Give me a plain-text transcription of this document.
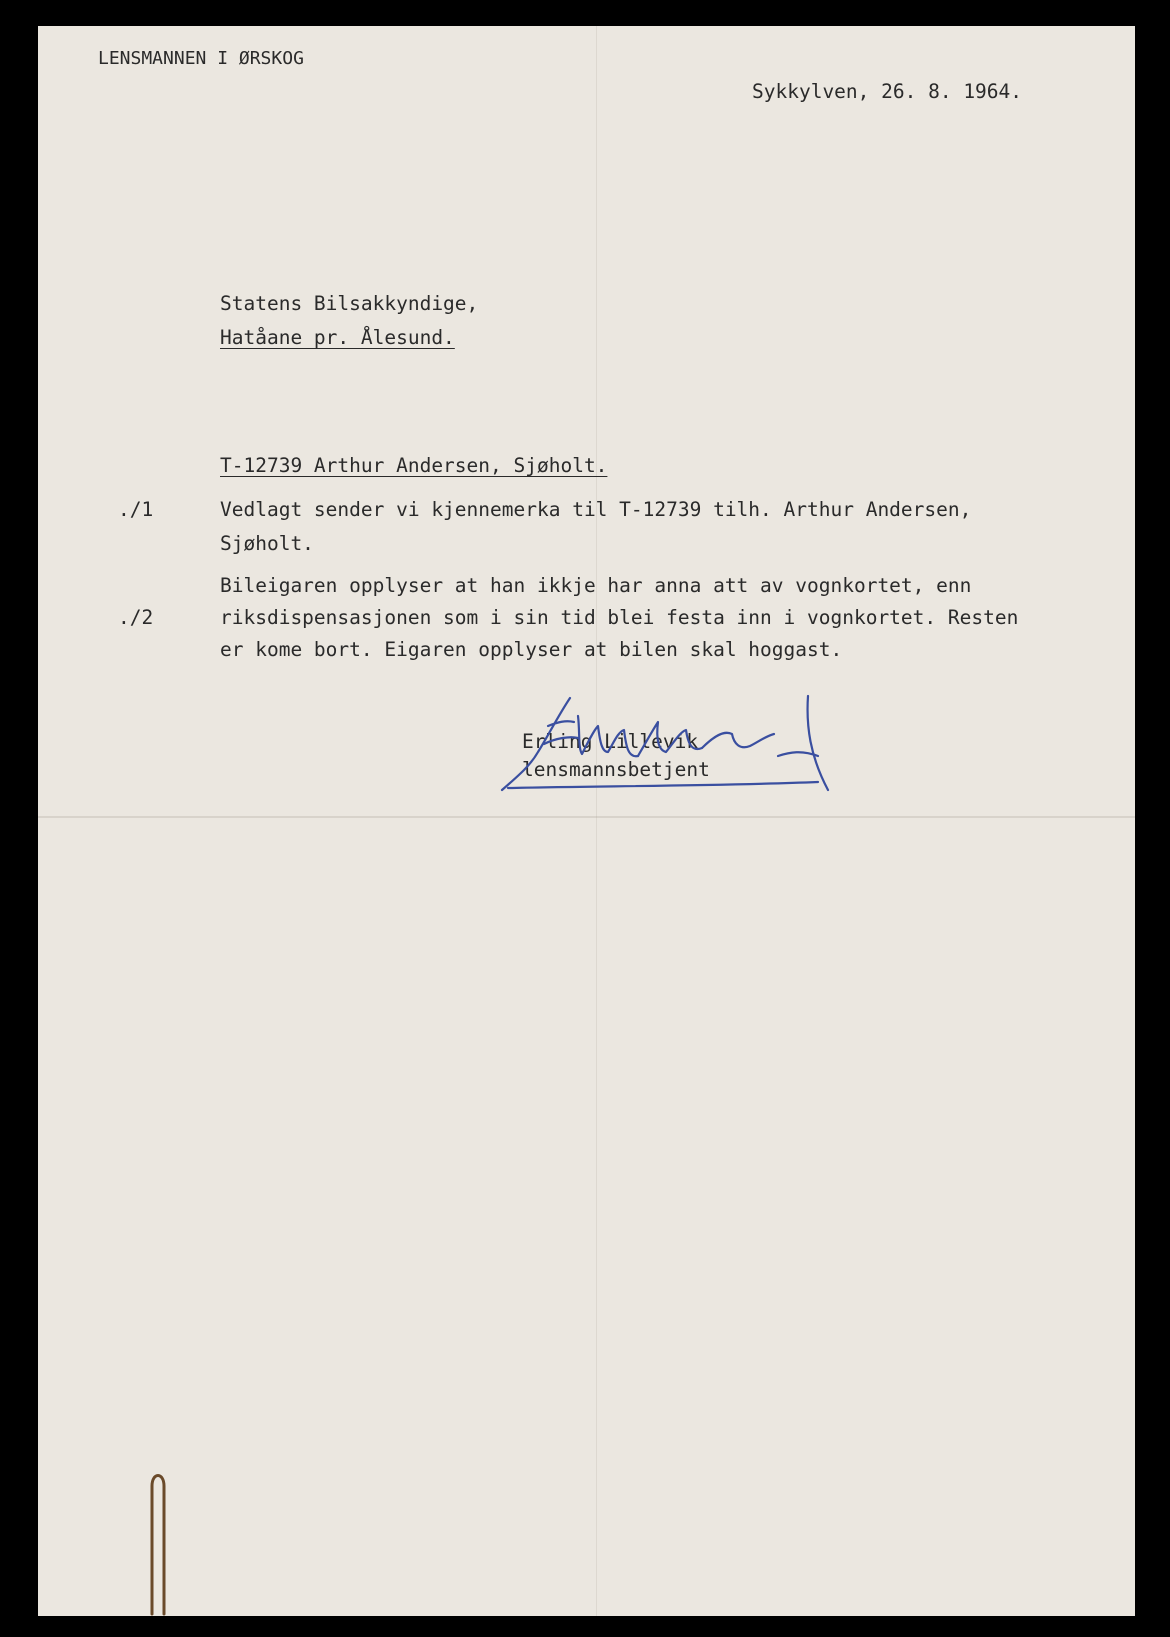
LENSMANNEN I ØRSKOG

Sykkylven, 26. 8. 1964.

Statens Bilsakkyndige,

Hatåane pr. Ålesund.

T-12739 Arthur Andersen, Sjøholt.

./1	Vedlagt sender vi kjennemerka til T-12739 tilh. Arthur Andersen,

Sjøholt.

Bileigaren opplyser at han ikkje har anna att av vognkortet, enn

./2	riksdispensasjonen som i sin tid blei festa inn i vognkortet. Resten

er kome bort. Eigaren opplyser at bilen skal hoggast.

Erling Lillevik

lensmannsbetjent
